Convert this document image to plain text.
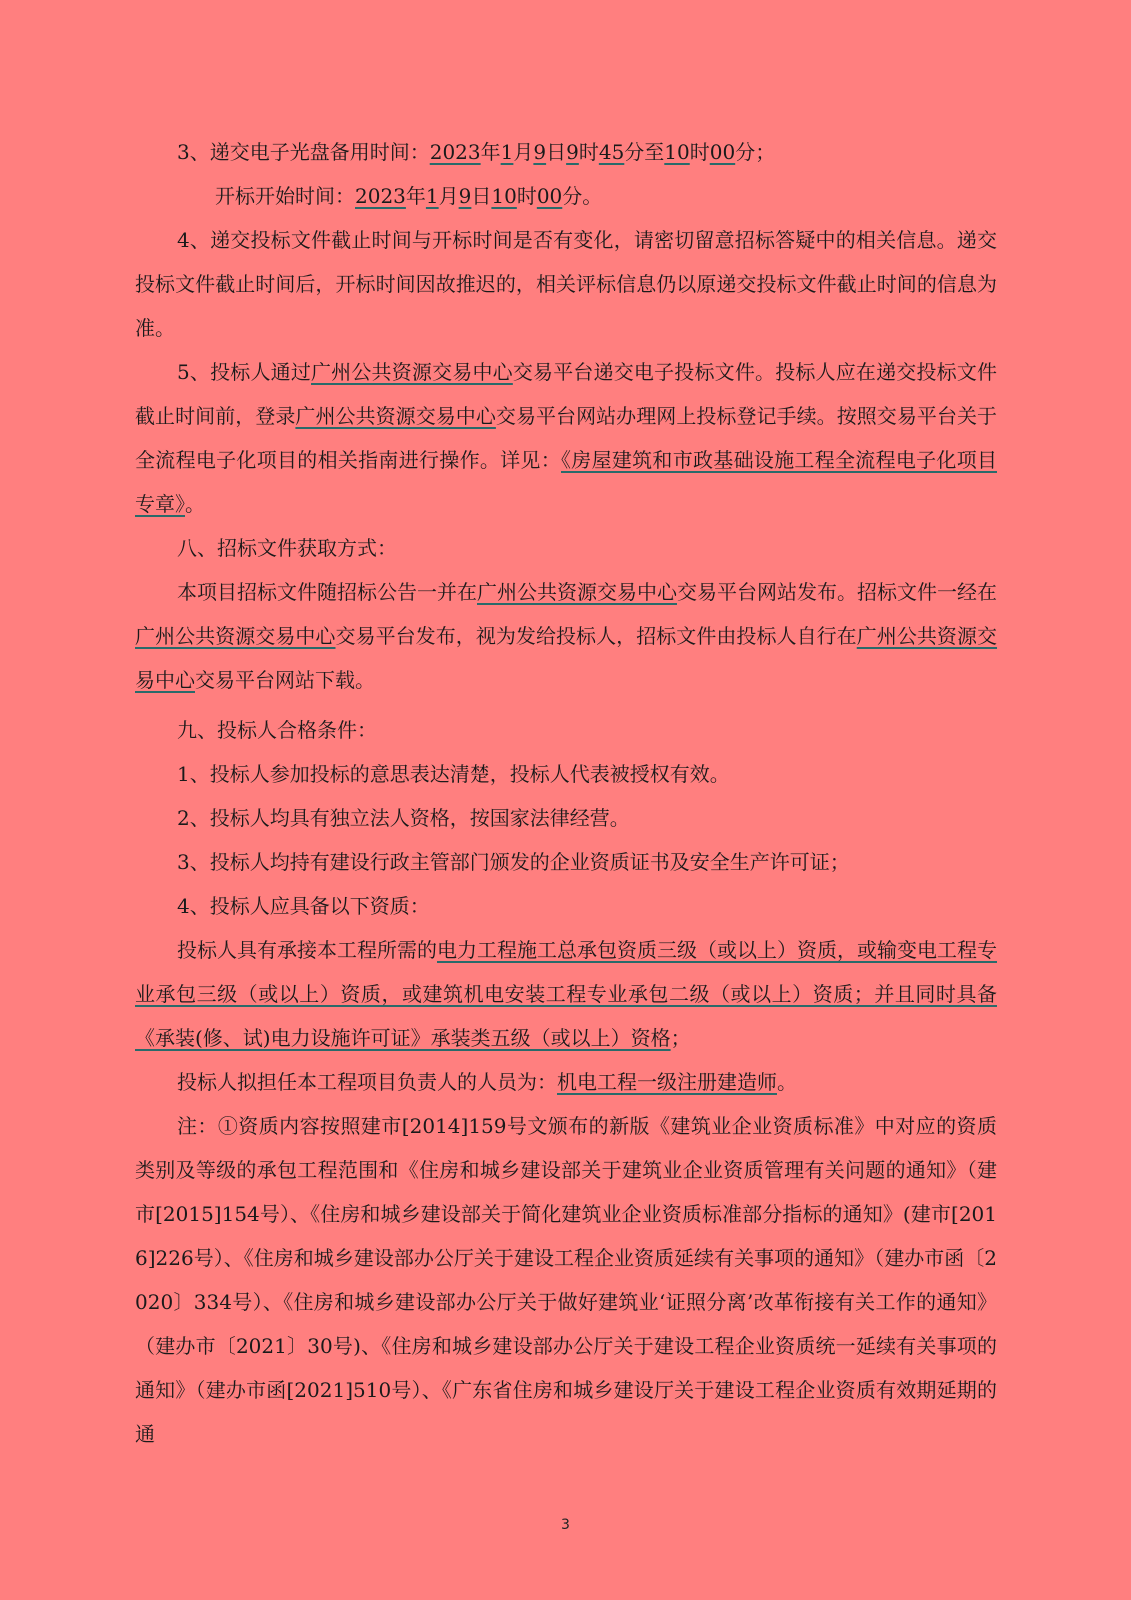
3、递交电子光盘备用时间：2023年1月9日9时45分至10时00分；

开标开始时间：2023年1月9日10时00分。

4、递交投标文件截止时间与开标时间是否有变化，请密切留意招标答疑中的相关信息。递交投标文件截止时间后，开标时间因故推迟的，相关评标信息仍以原递交投标文件截止时间的信息为准。

5、投标人通过广州公共资源交易中心交易平台递交电子投标文件。投标人应在递交投标文件截止时间前，登录广州公共资源交易中心交易平台网站办理网上投标登记手续。按照交易平台关于全流程电子化项目的相关指南进行操作。详见：《房屋建筑和市政基础设施工程全流程电子化项目专章》。

八、招标文件获取方式：

本项目招标文件随招标公告一并在广州公共资源交易中心交易平台网站发布。招标文件一经在广州公共资源交易中心交易平台发布，视为发给投标人，招标文件由投标人自行在广州公共资源交易中心交易平台网站下载。

九、投标人合格条件：

1、投标人参加投标的意思表达清楚，投标人代表被授权有效。

2、投标人均具有独立法人资格，按国家法律经营。

3、投标人均持有建设行政主管部门颁发的企业资质证书及安全生产许可证；

4、投标人应具备以下资质：

投标人具有承接本工程所需的电力工程施工总承包资质三级（或以上）资质，或输变电工程专业承包三级（或以上）资质，或建筑机电安装工程专业承包二级（或以上）资质；并且同时具备《承装(修、试)电力设施许可证》承装类五级（或以上）资格；

投标人拟担任本工程项目负责人的人员为：机电工程一级注册建造师。

注：①资质内容按照建市[2014]159号文颁布的新版《建筑业企业资质标准》中对应的资质类别及等级的承包工程范围和《住房和城乡建设部关于建筑业企业资质管理有关问题的通知》（建市[2015]154号）、《住房和城乡建设部关于简化建筑业企业资质标准部分指标的通知》(建市[2016]226号）、《住房和城乡建设部办公厅关于建设工程企业资质延续有关事项的通知》（建办市函〔2020〕334号）、《住房和城乡建设部办公厅关于做好建筑业‘证照分离’改革衔接有关工作的通知》（建办市〔2021〕30号)、《住房和城乡建设部办公厅关于建设工程企业资质统一延续有关事项的通知》（建办市函[2021]510号）、《广东省住房和城乡建设厅关于建设工程企业资质有效期延期的通

3
